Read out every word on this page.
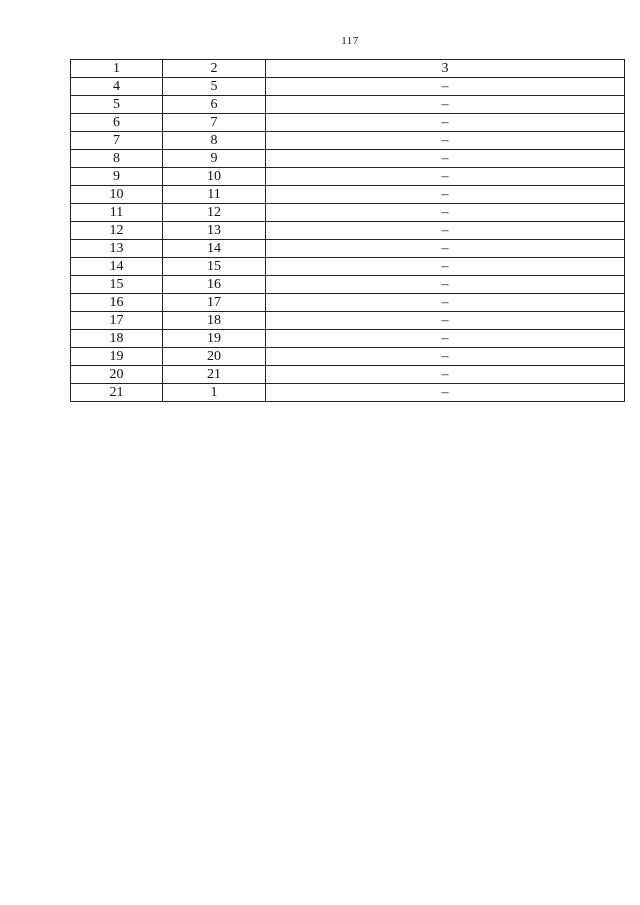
117
1	2	3
4	5	–
5	6	–
6	7	–
7	8	–
8	9	–
9	10	–
10	11	–
11	12	–
12	13	–
13	14	–
14	15	–
15	16	–
16	17	–
17	18	–
18	19	–
19	20	–
20	21	–
21	1	–
